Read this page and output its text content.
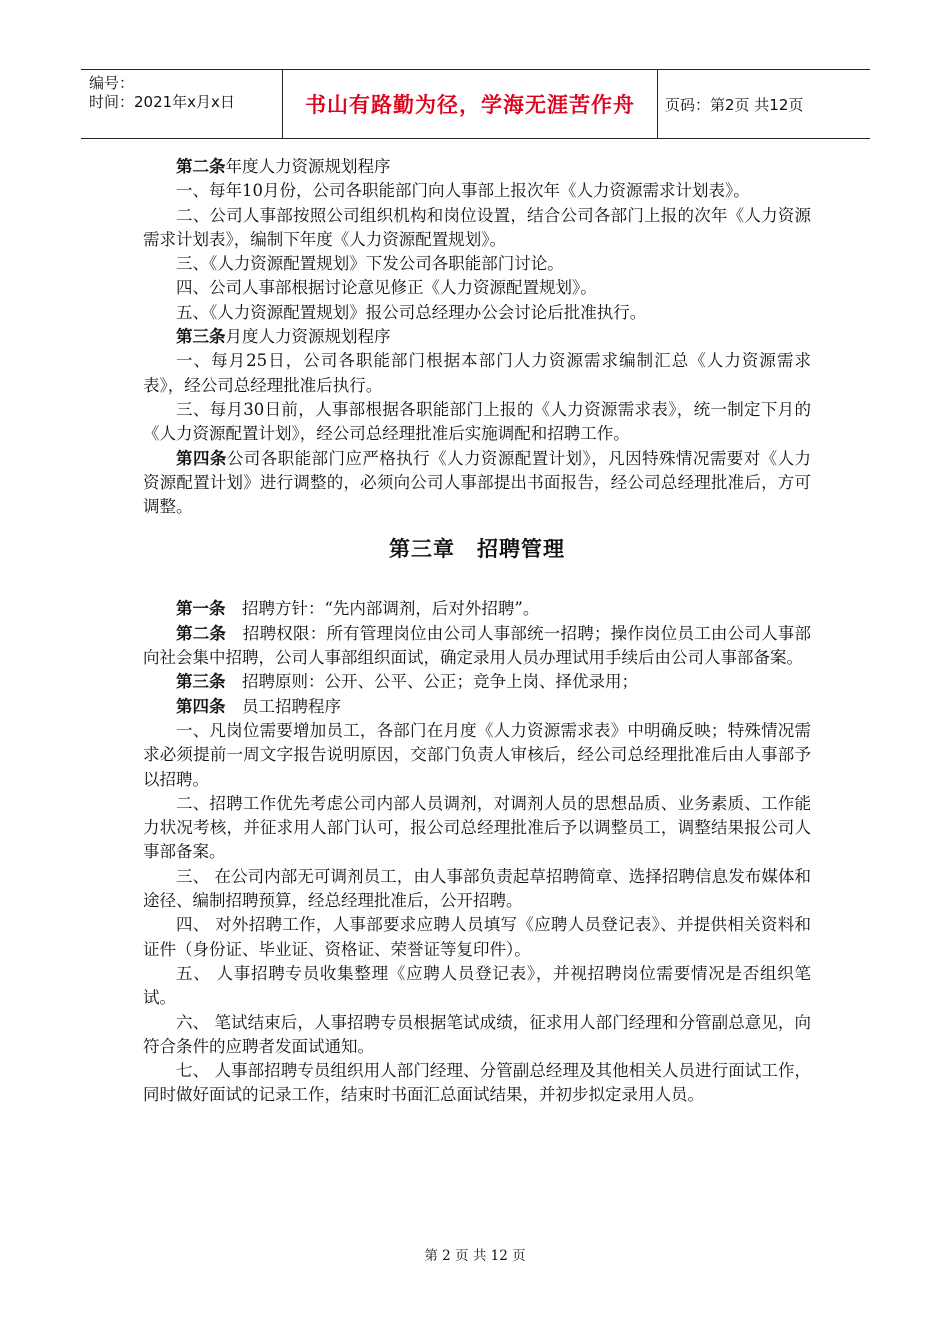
编号：
时间：2021年x月x日	书山有路勤为径，学海无涯苦作舟	页码：第2页 共12页

第二条年度人力资源规划程序

一、每年10月份，公司各职能部门向人事部上报次年《人力资源需求计划表》。

二、公司人事部按照公司组织机构和岗位设置，结合公司各部门上报的次年《人力资源需求计划表》，编制下年度《人力资源配置规划》。

三、《人力资源配置规划》下发公司各职能部门讨论。

四、公司人事部根据讨论意见修正《人力资源配置规划》。

五、《人力资源配置规划》报公司总经理办公会讨论后批准执行。

第三条月度人力资源规划程序

一、每月25日，公司各职能部门根据本部门人力资源需求编制汇总《人力资源需求表》，经公司总经理批准后执行。

三、每月30日前，人事部根据各职能部门上报的《人力资源需求表》，统一制定下月的《人力资源配置计划》，经公司总经理批准后实施调配和招聘工作。

第四条公司各职能部门应严格执行《人力资源配置计划》，凡因特殊情况需要对《人力资源配置计划》进行调整的，必须向公司人事部提出书面报告，经公司总经理批准后，方可调整。

第三章　招聘管理

第一条　招聘方针：“先内部调剂，后对外招聘”。

第二条　招聘权限：所有管理岗位由公司人事部统一招聘；操作岗位员工由公司人事部向社会集中招聘，公司人事部组织面试，确定录用人员办理试用手续后由公司人事部备案。

第三条　招聘原则：公开、公平、公正；竞争上岗、择优录用；

第四条　员工招聘程序

一、凡岗位需要增加员工，各部门在月度《人力资源需求表》中明确反映；特殊情况需求必须提前一周文字报告说明原因，交部门负责人审核后，经公司总经理批准后由人事部予以招聘。

二、招聘工作优先考虑公司内部人员调剂，对调剂人员的思想品质、业务素质、工作能力状况考核，并征求用人部门认可，报公司总经理批准后予以调整员工，调整结果报公司人事部备案。

三、 在公司内部无可调剂员工，由人事部负责起草招聘简章、选择招聘信息发布媒体和途径、编制招聘预算，经总经理批准后，公开招聘。

四、 对外招聘工作，人事部要求应聘人员填写《应聘人员登记表》、并提供相关资料和证件（身份证、毕业证、资格证、荣誉证等复印件）。

五、 人事招聘专员收集整理《应聘人员登记表》，并视招聘岗位需要情况是否组织笔试。

六、 笔试结束后，人事招聘专员根据笔试成绩，征求用人部门经理和分管副总意见，向符合条件的应聘者发面试通知。

七、 人事部招聘专员组织用人部门经理、分管副总经理及其他相关人员进行面试工作，同时做好面试的记录工作，结束时书面汇总面试结果，并初步拟定录用人员。

第 2 页 共 12 页
